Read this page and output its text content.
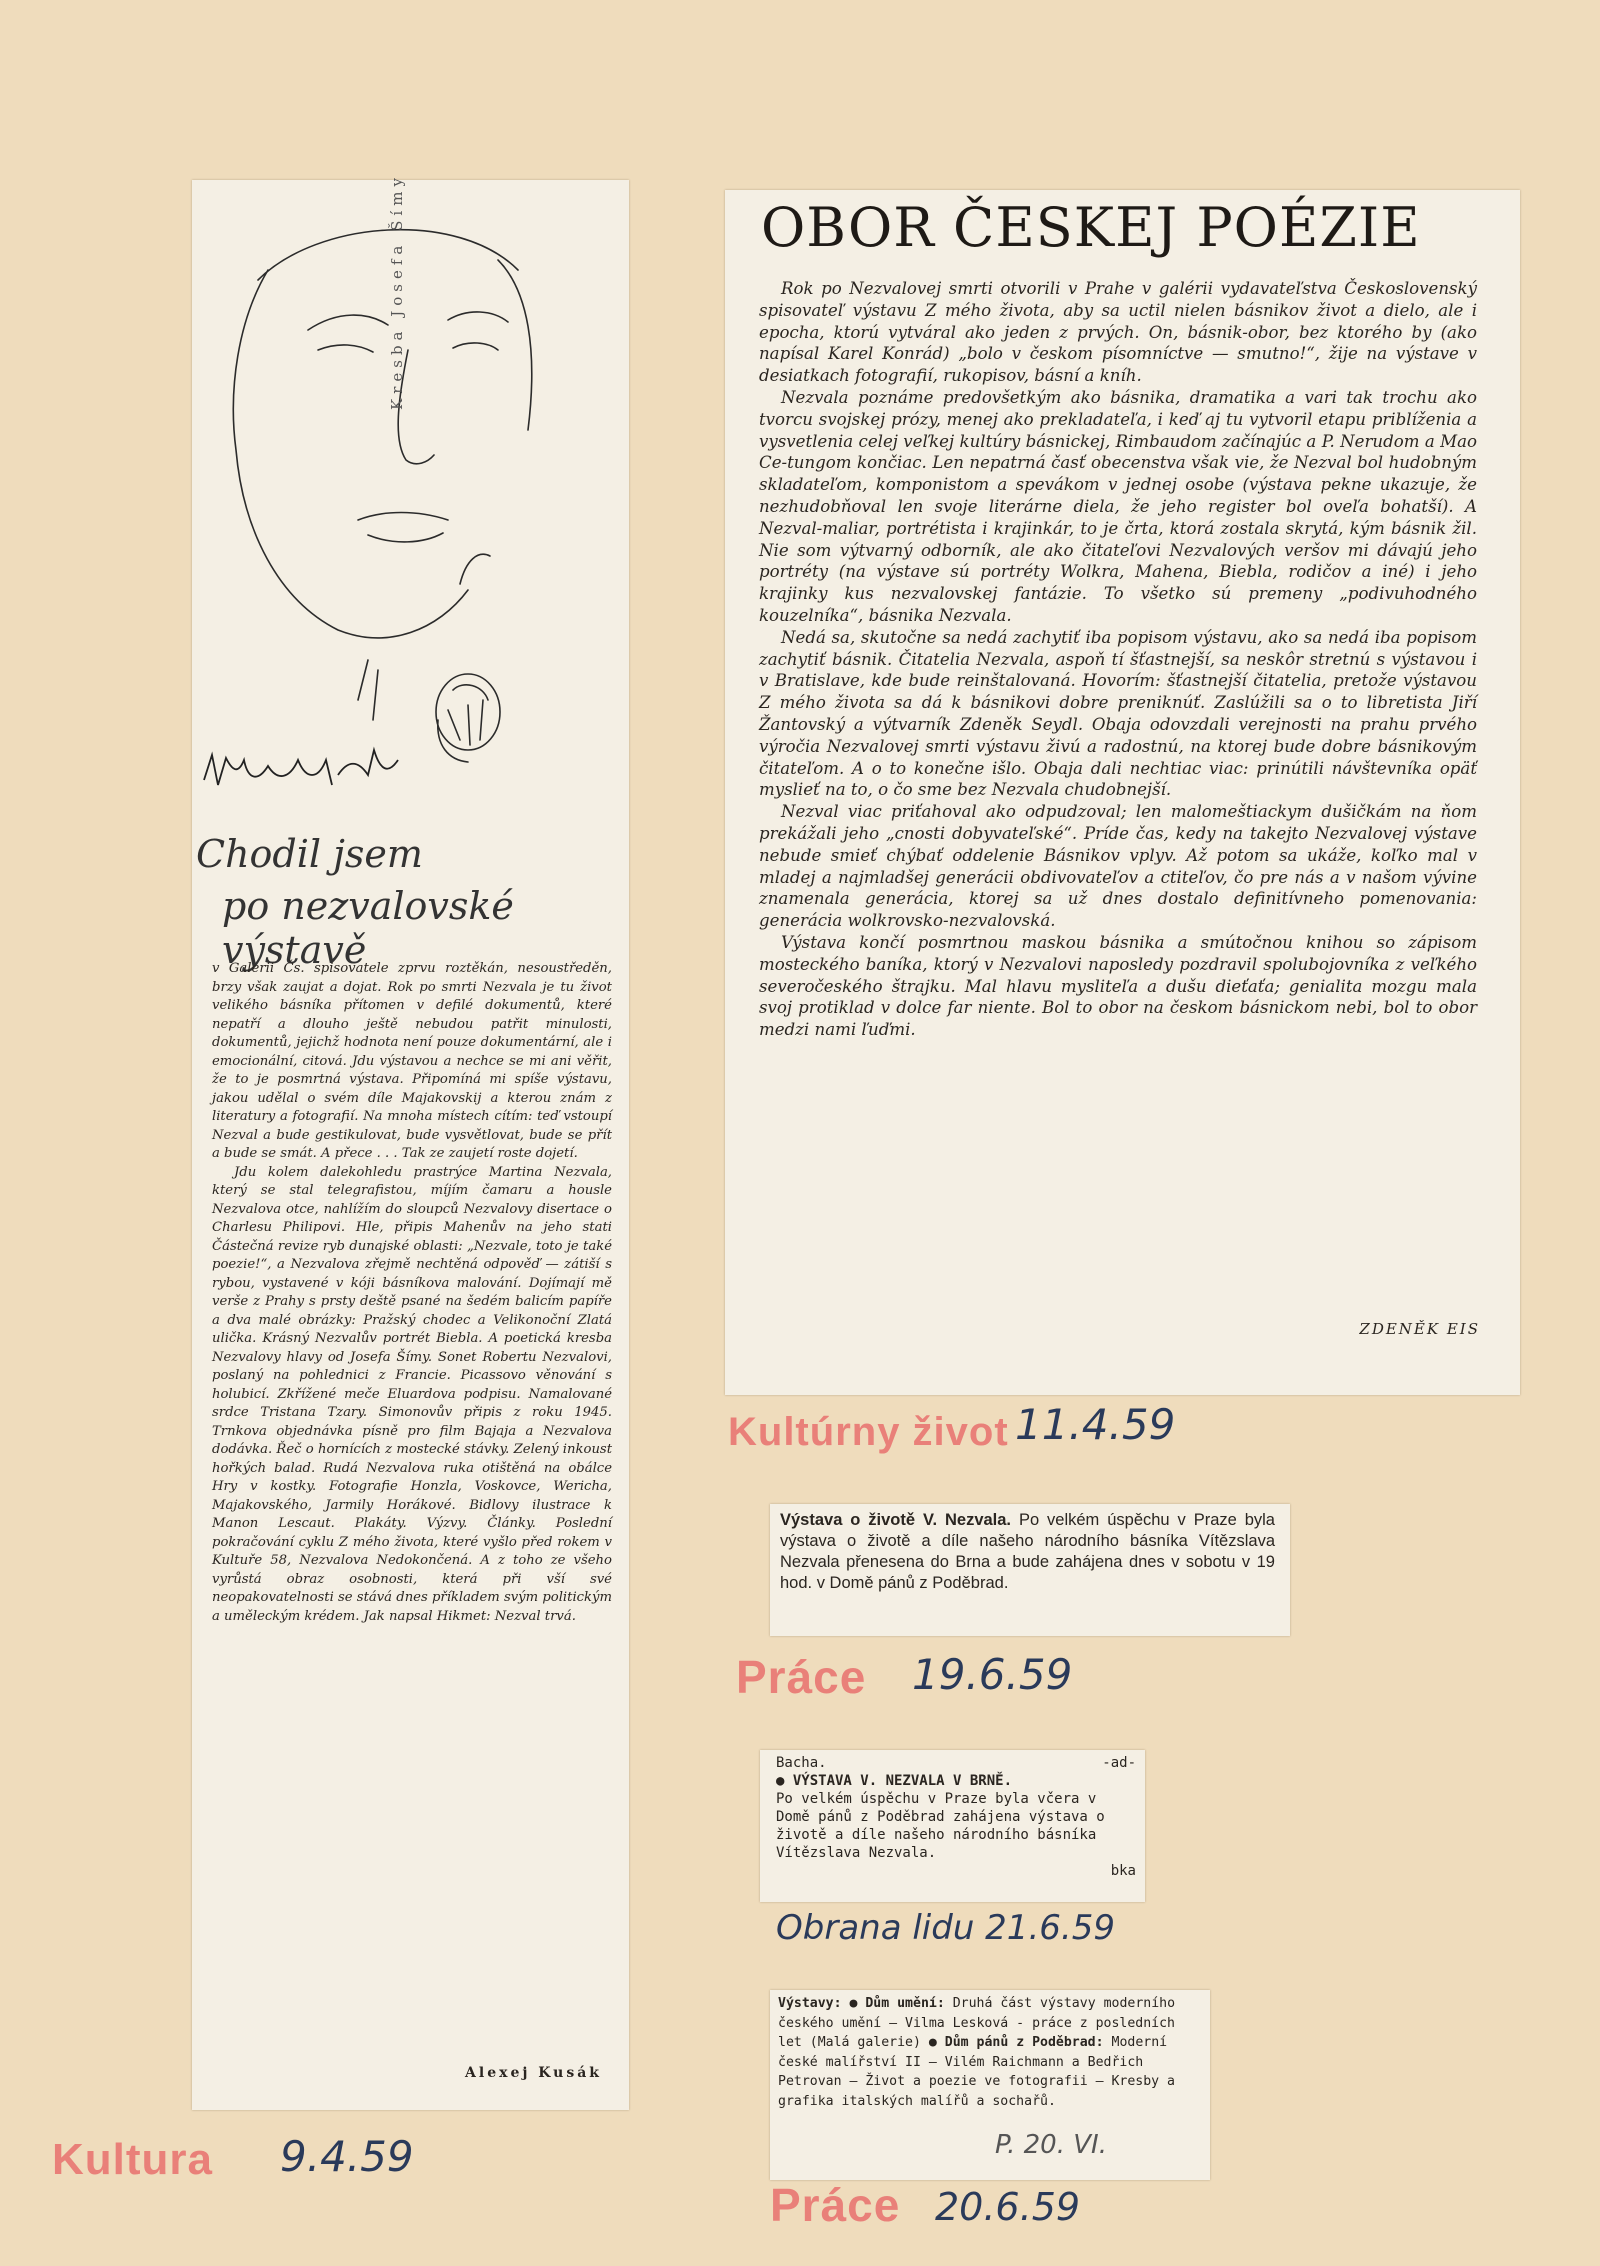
Kresba Josefa Šímy
Chodil jsem
po nezvalovské výstavě

v Galerii Čs. spisovatele zprvu roztěkán, nesoustředěn, brzy však zaujat a dojat. Rok po smrti Nezvala je tu život velikého básníka přítomen v defilé dokumentů, které nepatří a dlouho ještě nebudou patřit minulosti, dokumentů, jejichž hodnota není pouze dokumentární, ale i emocionální, citová. Jdu výstavou a nechce se mi ani věřit, že to je posmrtná výstava. Připomíná mi spíše výstavu, jakou udělal o svém díle Majakovskij a kterou znám z literatury a fotografií. Na mnoha místech cítím: teď vstoupí Nezval a bude gestikulovat, bude vysvětlovat, bude se přít a bude se smát. A přece . . . Tak ze zaujetí roste dojetí.

Jdu kolem dalekohledu prastrýce Martina Nezvala, který se stal telegrafistou, míjím čamaru a housle Nezvalova otce, nahlížím do sloupců Nezvalovy disertace o Charlesu Philipovi. Hle, připis Mahenův na jeho stati Částečná revize ryb dunajské oblasti: „Nezvale, toto je také poezie!“, a Nezvalova zřejmě nechtěná odpověď — zátiší s rybou, vystavené v kóji básníkova malování. Dojímají mě verše z Prahy s prsty deště psané na šedém balicím papíře a dva malé obrázky: Pražský chodec a Velikonoční Zlatá ulička. Krásný Nezvalův portrét Biebla. A poetická kresba Nezvalovy hlavy od Josefa Šímy. Sonet Robertu Nezvalovi, poslaný na pohlednici z Francie. Picassovo věnování s holubicí. Zkřížené meče Eluardova podpisu. Namalované srdce Tristana Tzary. Simonovův připis z roku 1945. Trnkova objednávka písně pro film Bajaja a Nezvalova dodávka. Řeč o hornících z mostecké stávky. Zelený inkoust hořkých balad. Rudá Nezvalova ruka otištěná na obálce Hry v kostky. Fotografie Honzla, Voskovce, Wericha, Majakovského, Jarmily Horákové. Bidlovy ilustrace k Manon Lescaut. Plakáty. Výzvy. Články. Poslední pokračování cyklu Z mého života, které vyšlo před rokem v Kultuře 58, Nezvalova Nedokončená. A z toho ze všeho vyrůstá obraz osobnosti, která při vší své neopakovatelnosti se stává dnes příkladem svým politickým a uměleckým krédem. Jak napsal Hikmet: Nezval trvá.

Alexej Kusák
Kultura 9.4.59
OBOR ČESKEJ POÉZIE

Rok po Nezvalovej smrti otvorili v Prahe v galérii vydavateľstva Československý spisovateľ výstavu Z mého života, aby sa uctil nielen básnikov život a dielo, ale i epocha, ktorú vytváral ako jeden z prvých. On, básnik-obor, bez ktorého by (ako napísal Karel Konrád) „bolo v českom písomníctve — smutno!“, žije na výstave v desiatkach fotografií, rukopisov, básní a kníh.

Nezvala poznáme predovšetkým ako básnika, dramatika a vari tak trochu ako tvorcu svojskej prózy, menej ako prekladateľa, i keď aj tu vytvoril etapu priblíženia a vysvetlenia celej veľkej kultúry básnickej, Rimbaudom začínajúc a P. Nerudom a Mao Ce-tungom končiac. Len nepatrná časť obecenstva však vie, že Nezval bol hudobným skladateľom, komponistom a spevákom v jednej osobe (výstava pekne ukazuje, že nezhudobňoval len svoje literárne diela, že jeho register bol oveľa bohatší). A Nezval-maliar, portrétista i krajinkár, to je črta, ktorá zostala skrytá, kým básnik žil. Nie som výtvarný odborník, ale ako čitateľovi Nezvalových veršov mi dávajú jeho portréty (na výstave sú portréty Wolkra, Mahena, Biebla, rodičov a iné) i jeho krajinky kus nezvalovskej fantázie. To všetko sú premeny „podivuhodného kouzelníka“, básnika Nezvala.

Nedá sa, skutočne sa nedá zachytiť iba popisom výstavu, ako sa nedá iba popisom zachytiť básnik. Čitatelia Nezvala, aspoň tí šťastnejší, sa neskôr stretnú s výstavou i v Bratislave, kde bude reinštalovaná. Hovorím: šťastnejší čitatelia, pretože výstavou Z mého života sa dá k básnikovi dobre preniknúť. Zaslúžili sa o to libretista Jiří Žantovský a výtvarník Zdeněk Seydl. Obaja odovzdali verejnosti na prahu prvého výročia Nezvalovej smrti výstavu živú a radostnú, na ktorej bude dobre básnikovým čitateľom. A o to konečne išlo. Obaja dali nechtiac viac: prinútili návštevníka opäť myslieť na to, o čo sme bez Nezvala chudobnejší.

Nezval viac priťahoval ako odpudzoval; len malomeštiackym dušičkám na ňom prekážali jeho „cnosti dobyvateľské“. Príde čas, kedy na takejto Nezvalovej výstave nebude smieť chýbať oddelenie Básnikov vplyv. Až potom sa ukáže, koľko mal v mladej a najmladšej generácii obdivovateľov a ctiteľov, čo pre nás a v našom vývine znamenala generácia, ktorej sa už dnes dostalo definitívneho pomenovania: generácia wolkrovsko-nezvalovská.

Výstava končí posmrtnou maskou básnika a smútočnou knihou so zápisom mosteckého baníka, ktorý v Nezvalovi naposledy pozdravil spolubojovníka z veľkého severočeského štrajku. Mal hlavu mysliteľa a dušu dieťaťa; genialita mozgu mala svoj protiklad v dolce far niente. Bol to obor na českom básnickom nebi, bol to obor medzi nami ľuďmi.

ZDENĚK EIS
Kultúrny život 11.4.59
Výstava o životě V. Nezvala. Po velkém úspěchu v Praze byla výstava o životě a díle našeho národního básníka Vítězslava Nezvala přenesena do Brna a bude zahájena dnes v sobotu v 19 hod. v Domě pánů z Poděbrad.
Práce 19.6.59
Bacha.	-ad-
● VÝSTAVA V. NEZVALA V BRNĚ.
Po velkém úspěchu v Praze byla včera v Domě pánů z Poděbrad zahájena výstava o životě a díle našeho národního básníka Vítězslava Nezvala.
bka
Obrana lidu 21.6.59
Výstavy: ● Dům umění: Druhá část výstavy moderního českého umění — Vilma Lesková - práce z posledních let (Malá galerie) ● Dům pánů z Poděbrad: Moderní české malířství II — Vilém Raichmann a Bedřich Petrovan — Život a poezie ve fotografii — Kresby a grafika italských malířů a sochařů.
P. 20. VI.
Práce 20.6.59
